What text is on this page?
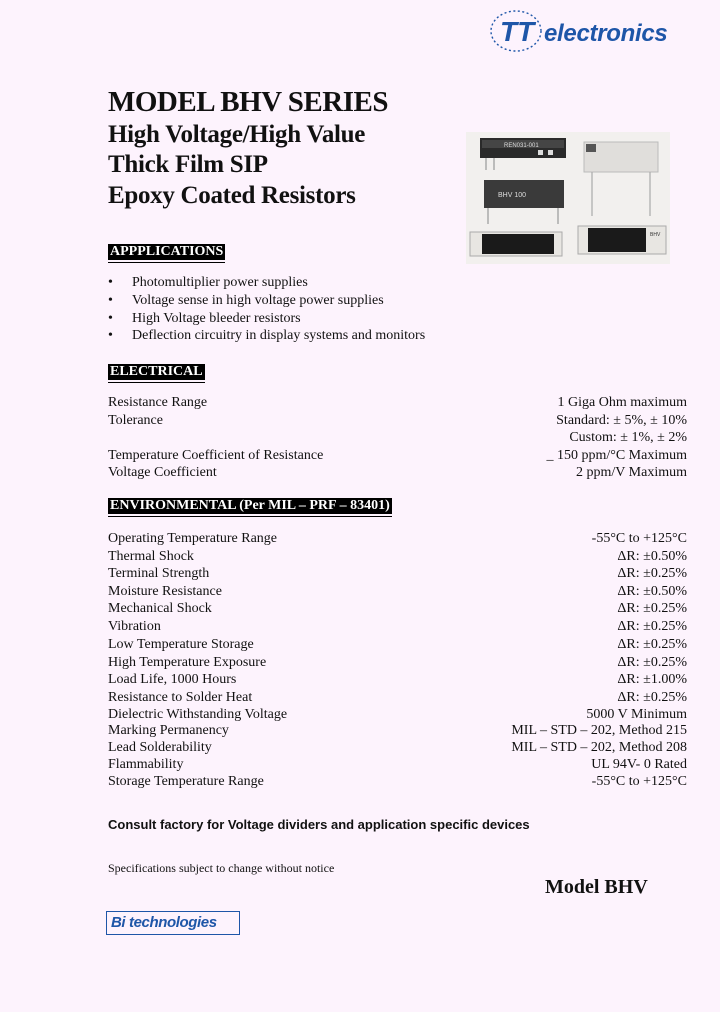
TT electronics
MODEL BHV SERIES
High Voltage/High Value
Thick Film SIP
Epoxy Coated Resistors
REN031-001
BHV 100
BHV
APPPLICATIONS
• Photomultiplier power supplies
• Voltage sense in high voltage power supplies
• High Voltage bleeder resistors
• Deflection circuitry in display systems and monitors
ELECTRICAL
Resistance Range	1 Giga Ohm maximum
Tolerance	Standard: ± 5%, ± 10%
Custom: ± 1%, ± 2%
Temperature Coefficient of Resistance	_ 150 ppm/°C Maximum
Voltage Coefficient	2 ppm/V Maximum
ENVIRONMENTAL (Per MIL – PRF – 83401)
Operating Temperature Range	-55°C to +125°C
Thermal Shock	ΔR: ±0.50%
Terminal Strength	ΔR: ±0.25%
Moisture Resistance	ΔR: ±0.50%
Mechanical Shock	ΔR: ±0.25%
Vibration	ΔR: ±0.25%
Low Temperature Storage	ΔR: ±0.25%
High Temperature Exposure	ΔR: ±0.25%
Load Life, 1000 Hours	ΔR: ±1.00%
Resistance to Solder Heat	ΔR: ±0.25%
Dielectric Withstanding Voltage	5000 V Minimum
Marking Permanency	MIL – STD – 202, Method 215
Lead Solderability	MIL – STD – 202, Method 208
Flammability	UL 94V- 0 Rated
Storage Temperature Range	-55°C to +125°C
Consult factory for Voltage dividers and application specific devices
Specifications subject to change without notice
Model BHV
Bi technologies
